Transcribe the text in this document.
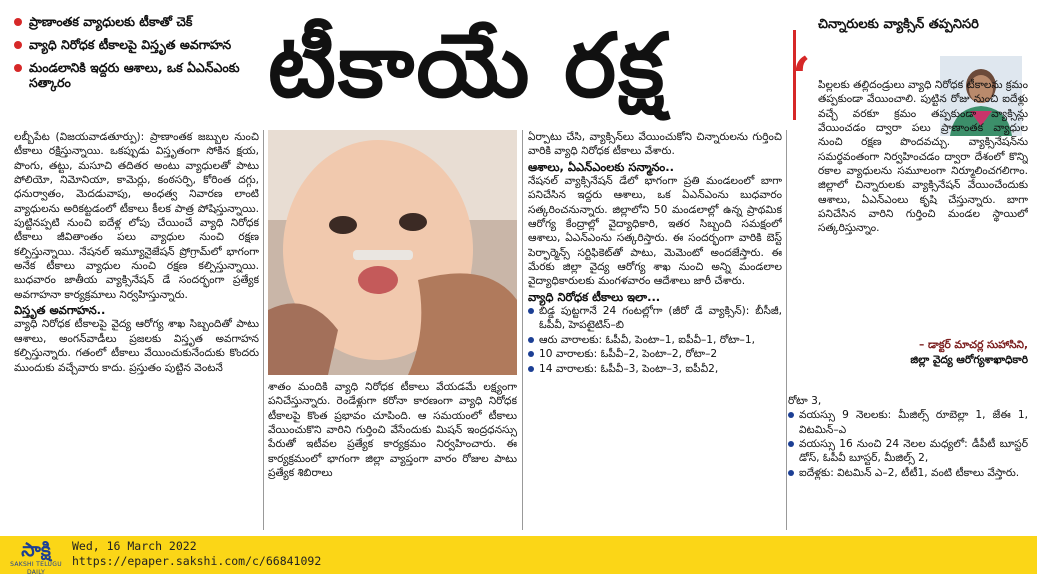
ప్రాణాంతక వ్యాధులకు టీకాతో చెక్
వ్యాధి నిరోధక టీకాలపై విస్తృత అవగాహన
మండలానికి ఇద్దరు ఆశాలు, ఒక ఏఎన్ఎంకు సత్కారం	టీకాయే రక్ష

లబ్బీపేట (విజయవాడతూర్పు): ప్రాణాంతక జబ్బుల నుంచి టీకాలు రక్షిస్తున్నాయి. ఒకప్పుడు విస్తృతంగా సోకిన క్షయ, పొంగు, తట్టు, మసూచి తదితర అంటు వ్యాధులతో పాటు పోలియో, నిమోనియా, కామెర్లు, కంఠసర్పి, కోరింత దగ్గు, ధనుర్వాతం, మెదడువాపు, అంధత్వ నివారణ లాంటి వ్యాధులను అరికట్టడంలో టీకాలు కీలక పాత్ర పోషిస్తున్నాయి. పుట్టినప్పటి నుంచి ఐదేళ్ల లోపు చేయించే వ్యాధి నిరోధక టీకాలు జీవితాంతం పలు వ్యాధుల నుంచి రక్షణ కల్పిస్తున్నాయి. నేషనల్ ఇమ్యూనైజేషన్ ప్రోగ్రామ్‌లో భాగంగా అనేక టీకాలు వ్యాధుల నుంచి రక్షణ కల్పిస్తున్నాయి. బుధవారం జాతీయ వ్యాక్సినేషన్ డే సందర్భంగా ప్రత్యేక అవగాహనా కార్యక్రమాలు నిర్వహిస్తున్నారు.

విస్తృత అవగాహన..

వ్యాధి నిరోధక టీకాలపై వైద్య ఆరోగ్య శాఖ సిబ్బందితో పాటు ఆశాలు, అంగన్‌వాడీలు ప్రజలకు విస్తృత అవగాహన కల్పిస్తున్నారు. గతంలో టీకాలు వేయించుకునేందుకు కొందరు ముందుకు వచ్చేవారు కాదు. ప్రస్తుతం పుట్టిన వెంటనే

శాతం మందికి వ్యాధి నిరోధక టీకాలు వేయడమే లక్ష్యంగా పనిచేస్తున్నారు. రెండేళ్లుగా కరోనా కారణంగా వ్యాధి నిరోధక టీకాలపై కొంత ప్రభావం చూపింది. ఆ సమయంలో టీకాలు వేయించుకొని వారిని గుర్తించి వేసేందుకు మిషన్ ఇంద్రధనస్సు పేరుతో ఇటీవల ప్రత్యేక కార్యక్రమం నిర్వహించారు. ఈ కార్యక్రమంలో భాగంగా జిల్లా వ్యాప్తంగా వారం రోజుల పాటు ప్రత్యేక శిబిరాలు

ఏర్పాటు చేసి, వ్యాక్సిన్‌లు వేయించుకోని చిన్నారులను గుర్తించి వారికి వ్యాధి నిరోధక టీకాలు వేశారు.

ఆశాలు, ఏఎన్ఎంలకు సన్మానం..

నేషనల్ వ్యాక్సినేషన్ డేలో భాగంగా ప్రతి మండలంలో బాగా పనిచేసిన ఇద్దరు ఆశాలు, ఒక ఏఎన్ఎంను బుధవారం సత్కరించనున్నారు. జిల్లాలోని 50 మండలాల్లో ఉన్న ప్రాథమిక ఆరోగ్య కేంద్రాల్లో వైద్యాధికారి, ఇతర సిబ్బంది సమక్షంలో ఆశాలు, ఏఎన్ఎంను సత్కరిస్తారు. ఈ సందర్భంగా వారికి బెస్ట్ పెర్ఫార్మెన్స్ సర్టిఫికెట్‌తో పాటు, మెమెంటో అందజేస్తారు. ఈ మేరకు జిల్లా వైద్య ఆరోగ్య శాఖ నుంచి అన్ని మండలాల వైద్యాధికారులకు మంగళవారం ఆదేశాలు జారీ చేశారు.

వ్యాధి నిరోధక టీకాలు ఇలా...

బిడ్డ పుట్టగానే 24 గంటల్లోగా (జీరో డే వ్యాక్సిన్): బీసీజీ, ఓపీవీ, హెపటైటిస్–బి
ఆరు వారాలకు: ఓపీవీ, పెంటా–1, ఐపీవీ–1, రోటా–1,
10 వారాలకు: ఓపీవీ–2, పెంటా–2, రోటా–2
14 వారాలకు: ఓపీవీ–3, పెంటా–3, ఐపీవీ2,
‘
చిన్నారులకు వ్యాక్సిన్ తప్పనిసరి

పిల్లలకు తల్లిదండ్రులు వ్యాధి నిరోధక టీకాలను క్రమం తప్పకుండా వేయించాలి. పుట్టిన రోజు నుంచి ఐదేళ్లు వచ్చే వరకూ క్రమం తప్పకుండా వ్యాక్సిన్లు వేయించడం ద్వారా పలు ప్రాణాంతక వ్యాధుల నుంచి రక్షణ పొందవచ్చు. వ్యాక్సినేషన్‌ను సమర్థవంతంగా నిర్వహించడం ద్వారా దేశంలో కొన్ని రకాల వ్యాధులను సమూలంగా నిర్మూలించగలిగాం. జిల్లాలో చిన్నారులకు వ్యాక్సినేషన్ వేయించేందుకు ఆశాలు, ఏఎన్ఎంలు కృషి చేస్తున్నారు. బాగా పనిచేసిన వారిని గుర్తించి మండల స్థాయిలో సత్కరిస్తున్నాం.

– డాక్టర్ మాచర్ల సుహాసిని,
జిల్లా వైద్య ఆరోగ్యశాఖాధికారి

రోటా 3,

వయస్సు 9 నెలలకు: మీజిల్స్ రూబెల్లా 1, జేఈ 1, విటమిన్–ఎ
వయస్సు 16 నుంచి 24 నెలల మధ్యలో: డీపీటీ బూస్టర్ డోస్, ఓపీవీ బూస్టర్, మీజిల్స్ 2,
ఐదేళ్లకు: విటమిన్ ఎ–2, టీటీ1, వంటి టీకాలు వేస్తారు.
సాక్షి
SAKSHI TELUGU DAILY
Wed, 16 March 2022
https://epaper.sakshi.com/c/66841092
